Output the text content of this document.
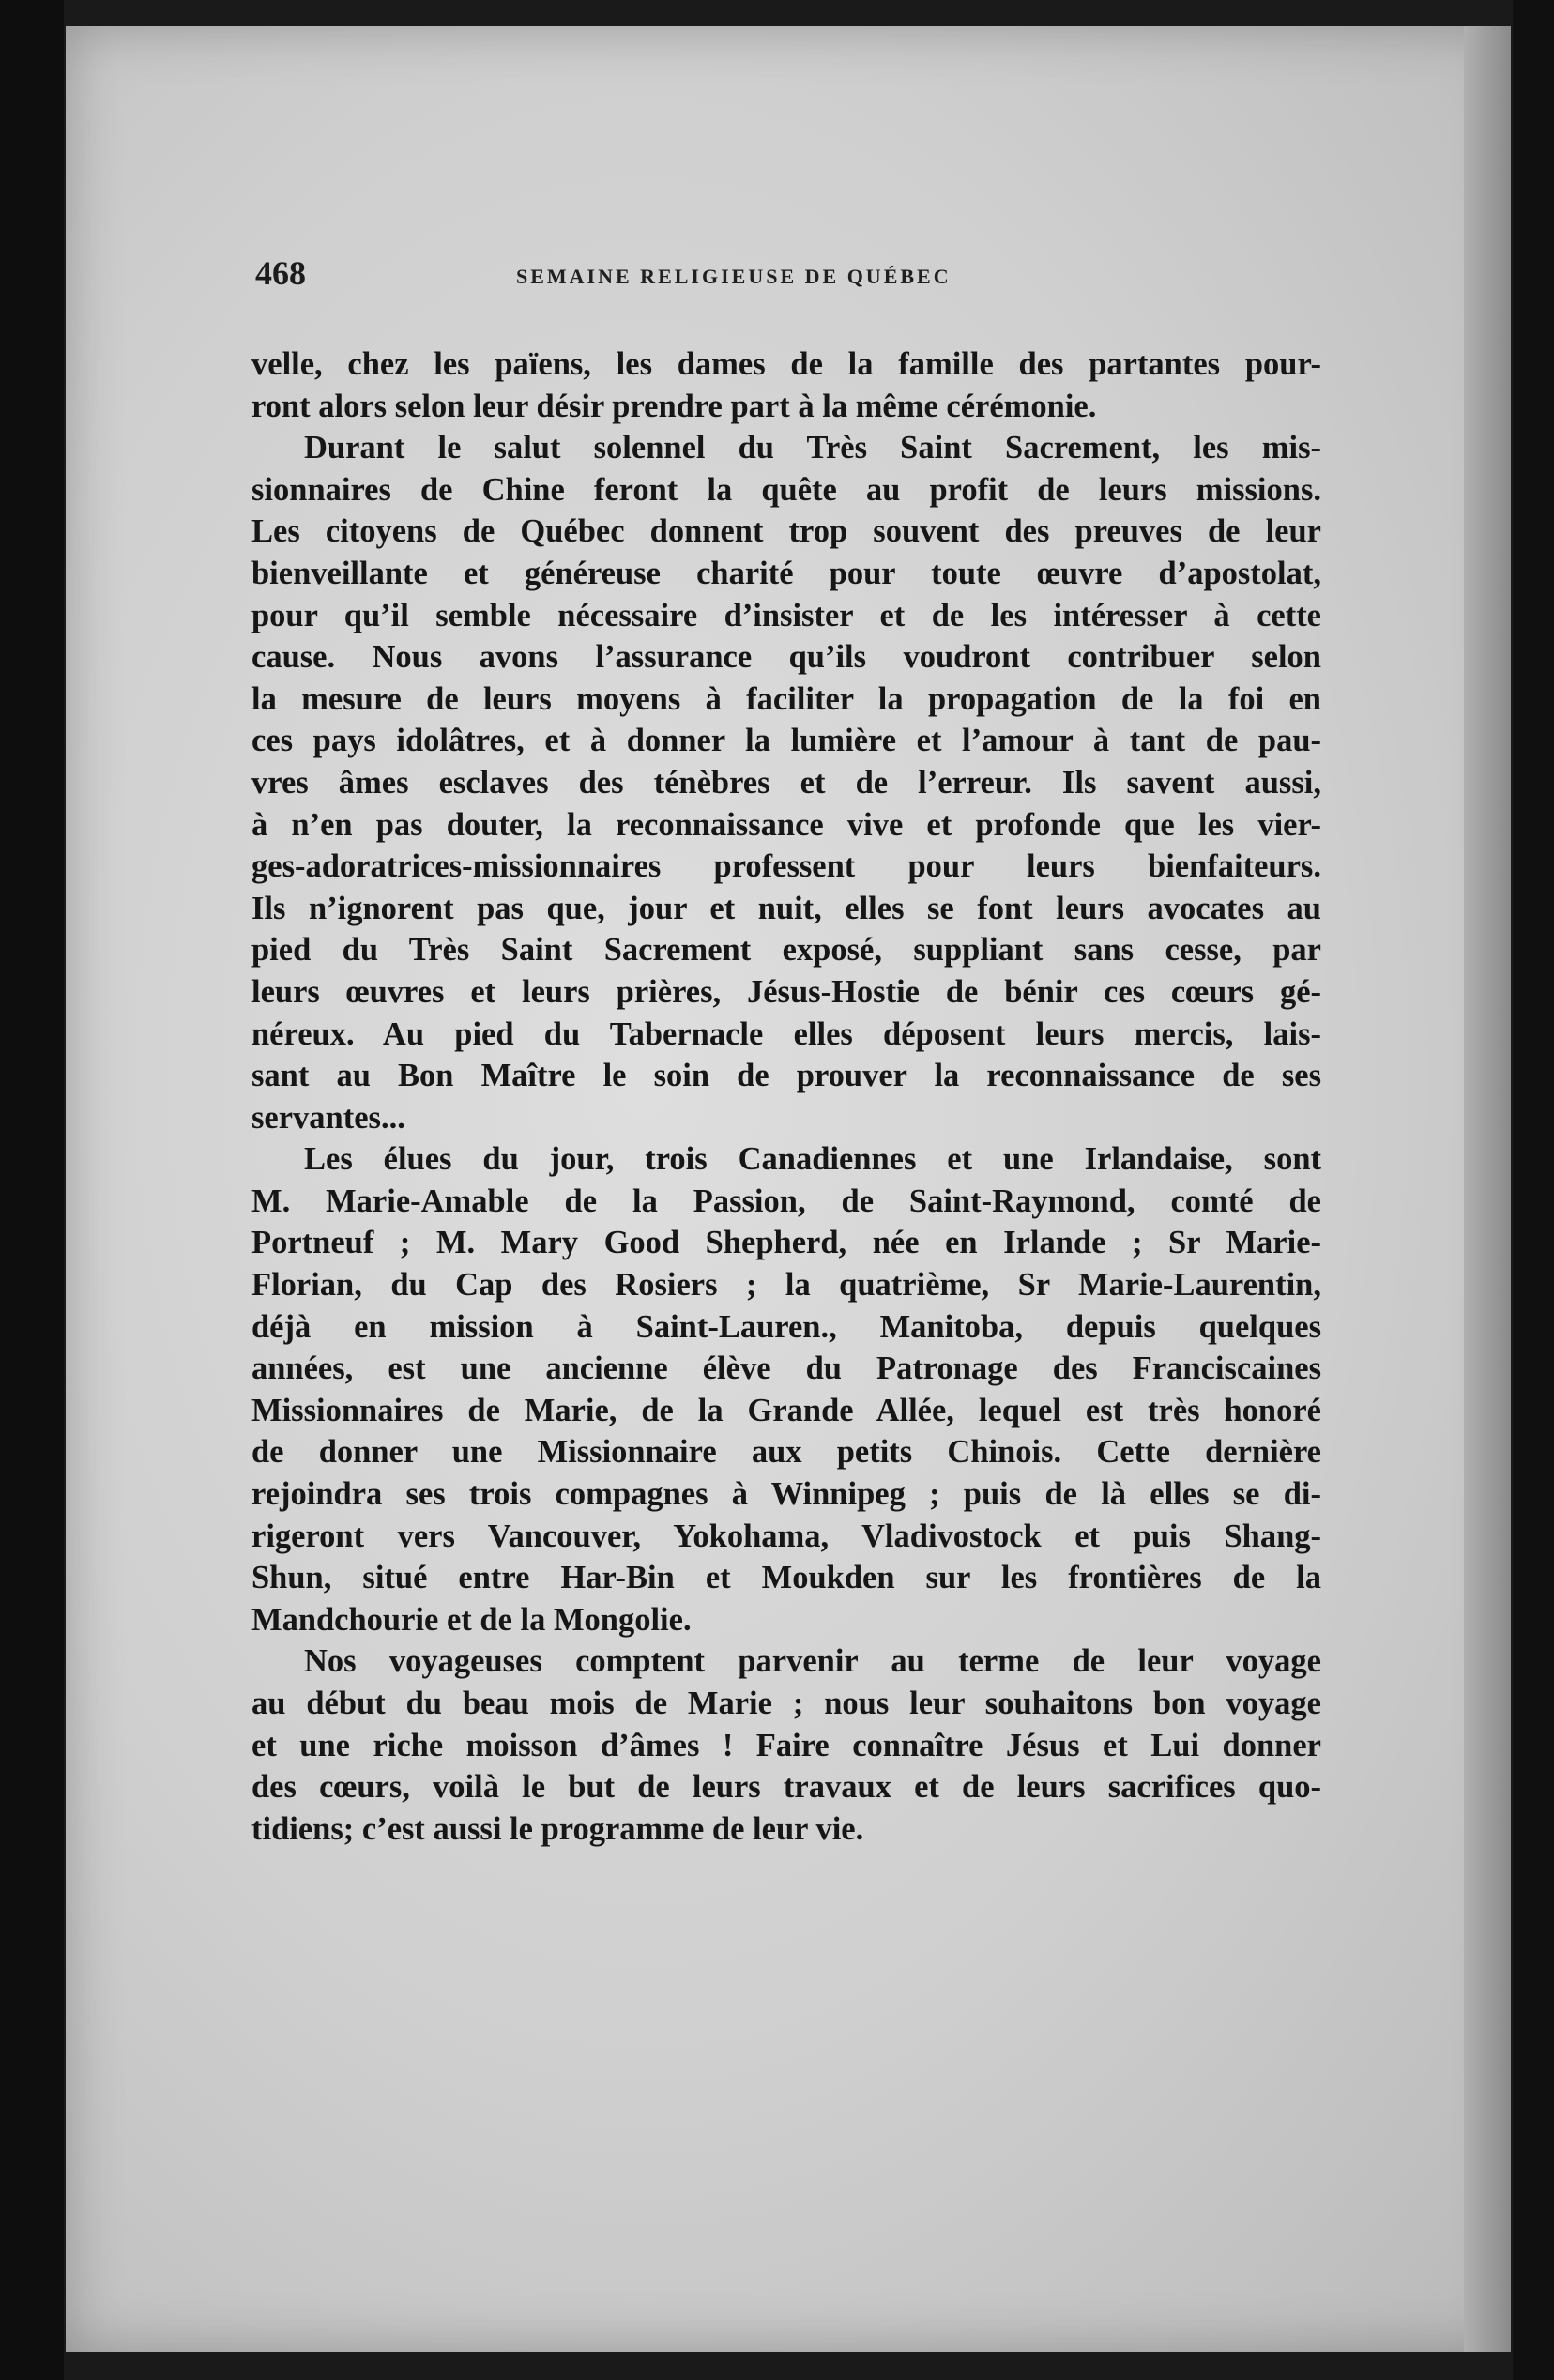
468	SEMAINE RELIGIEUSE DE QUÉBEC
velle, chez les païens, les dames de la famille des partantes pour-
ront alors selon leur désir prendre part à la même cérémonie.
Durant le salut solennel du Très Saint Sacrement, les mis-
sionnaires de Chine feront la quête au profit de leurs missions.
Les citoyens de Québec donnent trop souvent des preuves de leur
bienveillante et généreuse charité pour toute œuvre d’apostolat,
pour qu’il semble nécessaire d’insister et de les intéresser à cette
cause. Nous avons l’assurance qu’ils voudront contribuer selon
la mesure de leurs moyens à faciliter la propagation de la foi en
ces pays idolâtres, et à donner la lumière et l’amour à tant de pau-
vres âmes esclaves des ténèbres et de l’erreur. Ils savent aussi,
à n’en pas douter, la reconnaissance vive et profonde que les vier-
ges-adoratrices-missionnaires professent pour leurs bienfaiteurs.
Ils n’ignorent pas que, jour et nuit, elles se font leurs avocates au
pied du Très Saint Sacrement exposé, suppliant sans cesse, par
leurs œuvres et leurs prières, Jésus-Hostie de bénir ces cœurs gé-
néreux. Au pied du Tabernacle elles déposent leurs mercis, lais-
sant au Bon Maître le soin de prouver la reconnaissance de ses
servantes...
Les élues du jour, trois Canadiennes et une Irlandaise, sont
M. Marie-Amable de la Passion, de Saint-Raymond, comté de
Portneuf ; M. Mary Good Shepherd, née en Irlande ; Sr Marie-
Florian, du Cap des Rosiers ; la quatrième, Sr Marie-Laurentin,
déjà en mission à Saint-Lauren., Manitoba, depuis quelques
années, est une ancienne élève du Patronage des Franciscaines
Missionnaires de Marie, de la Grande Allée, lequel est très honoré
de donner une Missionnaire aux petits Chinois. Cette dernière
rejoindra ses trois compagnes à Winnipeg ; puis de là elles se di-
rigeront vers Vancouver, Yokohama, Vladivostock et puis Shang-
Shun, situé entre Har-Bin et Moukden sur les frontières de la
Mandchourie et de la Mongolie.
Nos voyageuses comptent parvenir au terme de leur voyage
au début du beau mois de Marie ; nous leur souhaitons bon voyage
et une riche moisson d’âmes ! Faire connaître Jésus et Lui donner
des cœurs, voilà le but de leurs travaux et de leurs sacrifices quo-
tidiens; c’est aussi le programme de leur vie.
